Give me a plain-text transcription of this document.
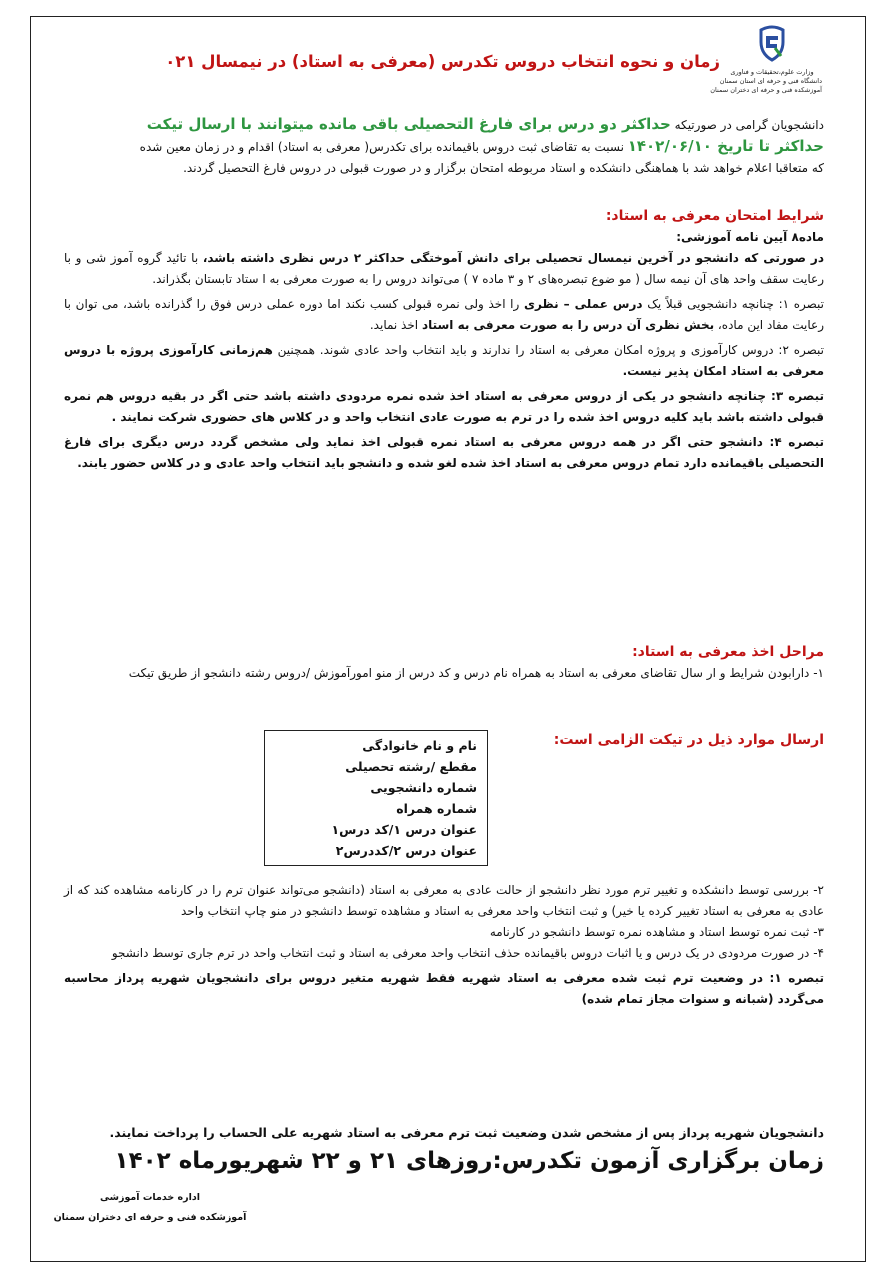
وزارت علوم،تحقیقات و فناوری
دانشگاه فنی و حرفه ای استان سمنان
آموزشکده فنی و حرفه ای دختران سمنان
زمان و نحوه انتخاب دروس تکدرس (معرفی به استاد) در نیمسال ۰۲۱
دانشجویان گرامی در صورتیکه حداکثر دو درس برای فارغ التحصیلی باقی مانده میتوانند با ارسال تیکت
حداکثر تا تاریخ ۱۴۰۲/۰۶/۱۰ نسبت به تقاضای ثبت دروس باقیمانده برای تکدرس( معرفی به استاد) اقدام و در زمان معین شده
که متعاقبا اعلام خواهد شد با هماهنگی دانشکده و استاد مربوطه امتحان برگزار و در صورت قبولی در دروس فارغ التحصیل گردند.
شرایط امتحان معرفی به استاد:
ماده۸ آیین نامه آموزشی:
در صورتی که دانشجو در آخرین نیمسال تحصیلی برای دانش آموختگی حداکثر ۲ درس نظری داشته باشد، با تائید گروه آموز شی و با رعایت سقف واحد های آن نیمه سال ( مو ضوع تبصره‌های ۲ و ۳ ماده ۷ ) می‌تواند دروس را به صورت معرفی به ا ستاد تابستان بگذراند.
تبصره ۱: چنانچه دانشجویی قبلاً یک درس عملی – نظری را اخذ ولی نمره قبولی کسب نکند اما دوره عملی درس فوق را گذرانده باشد، می توان با رعایت مفاد این ماده، بخش نظری آن درس را به صورت معرفی به استاد اخذ نماید.
تبصره ۲: دروس کارآموزی و پروژه امکان معرفی به استاد را ندارند و باید انتخاب واحد عادی شوند. همچنین هم‌زمانی کارآموزی پروژه با دروس معرفی به استاد امکان پذیر نیست.
تبصره ۳: چنانچه دانشجو در یکی از دروس معرفی به استاد اخذ شده نمره مردودی داشته باشد حتی اگر در بقیه دروس هم نمره قبولی داشته باشد باید کلیه دروس اخذ شده را در ترم به صورت عادی انتخاب واحد و در کلاس های حضوری شرکت نمایند .
تبصره ۴: دانشجو حتی اگر در همه دروس معرفی به استاد نمره قبولی اخذ نماید ولی مشخص گردد درس دیگری برای فارغ التحصیلی باقیمانده دارد تمام دروس معرفی به استاد اخذ شده لغو شده و دانشجو باید انتخاب واحد عادی و در کلاس حضور یابند.
مراحل اخذ معرفی به استاد:
۱- دارابودن شرایط و ار سال تقاضای معرفی به استاد به همراه نام درس و کد درس از منو امورآموزش /دروس رشته دانشجو از طریق تیکت
ارسال موارد ذیل در تیکت الزامی است:
نام و نام خانوادگی
مقطع /رشته تحصیلی
شماره دانشجویی
شماره همراه
عنوان درس ۱/کد درس۱
عنوان درس ۲/کددرس۲
۲- بررسی توسط دانشکده و تغییر ترم مورد نظر دانشجو از حالت عادی به معرفی به استاد (دانشجو می‌تواند عنوان ترم را در کارنامه مشاهده کند که از عادی به معرفی به استاد تغییر کرده یا خیر) و ثبت انتخاب واحد معرفی به استاد و مشاهده توسط دانشجو در منو چاپ انتخاب واحد
۳- ثبت نمره توسط استاد و مشاهده نمره توسط دانشجو در کارنامه
۴- در صورت مردودی در یک درس و یا اثبات دروس باقیمانده حذف انتخاب واحد معرفی به استاد و ثبت انتخاب واحد در ترم جاری توسط دانشجو
تبصره ۱: در وضعیت ترم ثبت شده معرفی به استاد شهریه فقط شهریه متغیر دروس برای دانشجویان شهریه پرداز محاسبه می‌گردد (شبانه و سنوات مجاز تمام شده)
دانشجویان شهریه پرداز پس از مشخص شدن وضعیت ثبت ترم معرفی به استاد شهریه علی الحساب را پرداخت نمایند.
زمان برگزاری آزمون تکدرس:روزهای ۲۱ و ۲۲ شهریورماه ۱۴۰۲
اداره خدمات آموزشی
آموزشکده فنی و حرفه ای دختران سمنان
